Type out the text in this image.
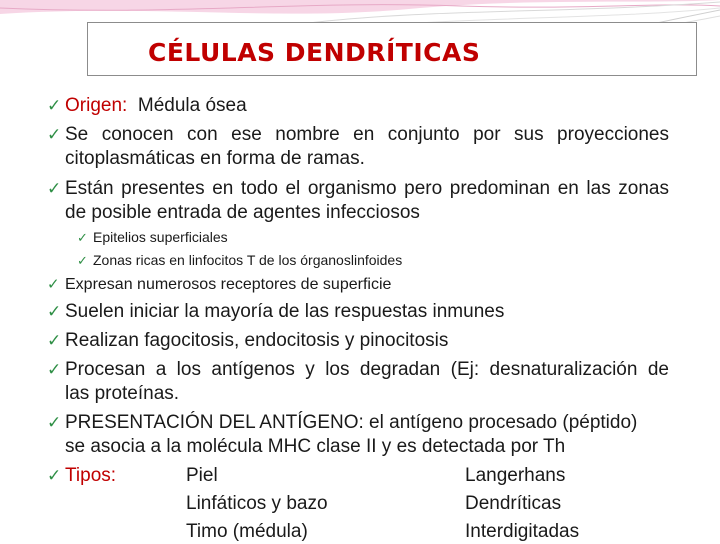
CÉLULAS DENDRÍTICAS
✓ Origen: Médula ósea
✓ Se conocen con ese nombre en conjunto por sus proyecciones
citoplasmáticas en forma de ramas.
✓ Están presentes en todo el organismo pero predominan en las zonas
de posible entrada de agentes infecciosos
✓ Epitelios superficiales
✓ Zonas ricas en linfocitos T de los órganoslinfoides
✓ Expresan numerosos receptores de superficie
✓ Suelen iniciar la mayoría de las respuestas inmunes
✓ Realizan fagocitosis, endocitosis y pinocitosis
✓ Procesan a los antígenos y los degradan (Ej: desnaturalización de
las proteínas.
✓ PRESENTACIÓN DEL ANTÍGENO: el antígeno procesado (péptido)
se asocia a la molécula MHC clase II y es detectada por Th
✓ Tipos:	Piel	Langerhans
Linfáticos y bazo	Dendríticas
Timo (médula)	Interdigitadas
